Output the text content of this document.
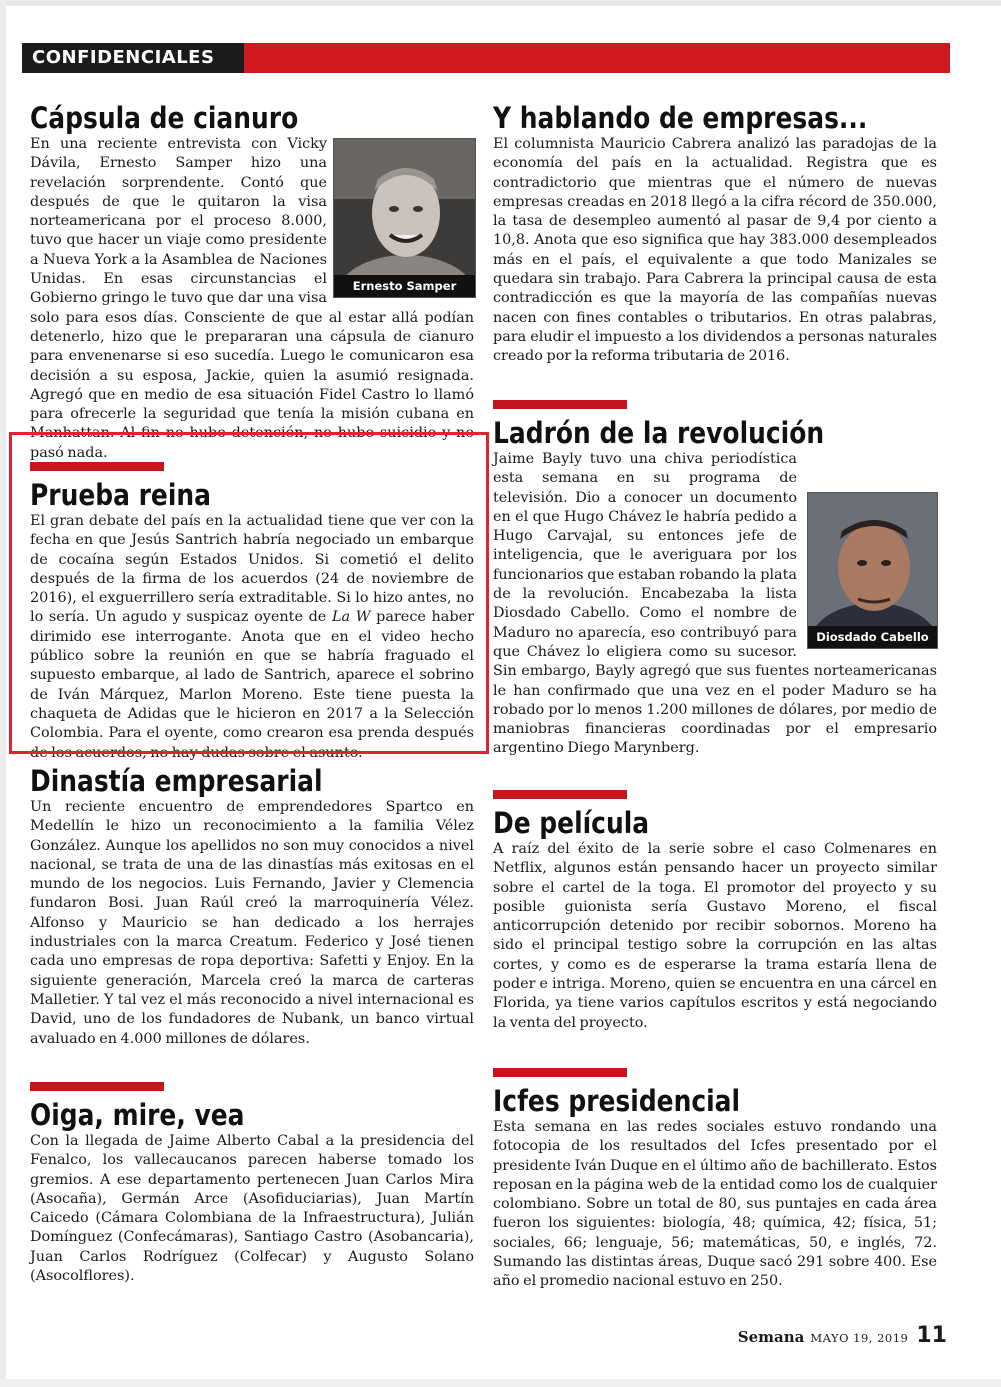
CONFIDENCIALES
Cápsula de cianuro
Ernesto Samper
En una reciente entrevista con Vicky Dávila, Ernesto Samper hizo una revelación sorprendente. Contó que después de que le quitaron la visa norteamericana por el proceso 8.000, tuvo que hacer un viaje como presidente a Nueva York a la Asamblea de Naciones Unidas. En esas circunstancias el Gobierno gringo le tuvo que dar una visa solo para esos días. Consciente de que al estar allá podían detenerlo, hizo que le prepararan una cápsula de cianuro para envenenarse si eso sucedía. Luego le comunicaron esa decisión a su esposa, Jackie, quien la asumió resignada. Agregó que en medio de esa situación Fidel Castro lo llamó para ofrecerle la seguridad que tenía la misión cubana en Manhattan. Al fin no hubo detención, no hubo suicidio y no pasó nada.
Prueba reina

El gran debate del país en la actualidad tiene que ver con la fecha en que Jesús Santrich habría negociado un embarque de cocaína según Estados Unidos. Si cometió el delito después de la firma de los acuerdos (24 de noviembre de 2016), el exguerrillero sería extraditable. Si lo hizo antes, no lo sería. Un agudo y suspicaz oyente de La W parece haber dirimido ese interrogante. Anota que en el video hecho público sobre la reunión en que se habría fraguado el supuesto embarque, al lado de Santrich, aparece el sobrino de Iván Márquez, Marlon Moreno. Este tiene puesta la chaqueta de Adidas que le hicieron en 2017 a la Selección Colombia. Para el oyente, como crearon esa prenda después de los acuerdos, no hay dudas sobre el asunto.

Dinastía empresarial
Un reciente encuentro de emprendedores Spartco en Medellín le hizo un reconocimiento a la familia Vélez González. Aunque los apellidos no son muy conocidos a nivel nacional, se trata de una de las dinastías más exitosas en el mundo de los negocios. Luis Fernando, Javier y Clemencia fundaron Bosi. Juan Raúl creó la marroquinería Vélez. Alfonso y Mauricio se han dedicado a los herrajes industriales con la marca Creatum. Federico y José tienen cada uno empresas de ropa deportiva: Safetti y Enjoy. En la siguiente generación, Marcela creó la marca de carteras Malletier. Y tal vez el más reconocido a nivel internacional es David, uno de los fundadores de Nubank, un banco virtual avaluado en 4.000 millones de dólares.
Oiga, mire, vea
Con la llegada de Jaime Alberto Cabal a la presidencia del Fenalco, los vallecaucanos parecen haberse tomado los gremios. A ese departamento pertenecen Juan Carlos Mira (Asocaña), Germán Arce (Asofiduciarias), Juan Martín Caicedo (Cámara Colombiana de la Infraestructura), Julián Domínguez (Confecámaras), Santiago Castro (Asobancaria), Juan Carlos Rodríguez (Colfecar) y Augusto Solano (Asocolflores).
Y hablando de empresas...
El columnista Mauricio Cabrera analizó las paradojas de la economía del país en la actualidad. Registra que es contradictorio que mientras que el número de nuevas empresas creadas en 2018 llegó a la cifra récord de 350.000, la tasa de desempleo aumentó al pasar de 9,4 por ciento a 10,8. Anota que eso significa que hay 383.000 desempleados más en el país, el equivalente a que todo Manizales se quedara sin trabajo. Para Cabrera la principal causa de esta contradicción es que la mayoría de las compañías nuevas nacen con fines contables o tributarios. En otras palabras, para eludir el impuesto a los dividendos a personas naturales creado por la reforma tributaria de 2016.
Ladrón de la revolución
Diosdado Cabello
Jaime Bayly tuvo una chiva periodística esta semana en su programa de televisión. Dio a conocer un documento en el que Hugo Chávez le habría pedido a Hugo Carvajal, su entonces jefe de inteligencia, que le averiguara por los funcionarios que estaban robando la plata de la revolución. Encabezaba la lista Diosdado Cabello. Como el nombre de Maduro no aparecía, eso contribuyó para que Chávez lo eligiera como su sucesor. Sin embargo, Bayly agregó que sus fuentes norteamericanas le han confirmado que una vez en el poder Maduro se ha robado por lo menos 1.200 millones de dólares, por medio de maniobras financieras coordinadas por el empresario argentino Diego Marynberg.
De película
A raíz del éxito de la serie sobre el caso Colmenares en Netflix, algunos están pensando hacer un proyecto similar sobre el cartel de la toga. El promotor del proyecto y su posible guionista sería Gustavo Moreno, el fiscal anticorrupción detenido por recibir sobornos. Moreno ha sido el principal testigo sobre la corrupción en las altas cortes, y como es de esperarse la trama estaría llena de poder e intriga. Moreno, quien se encuentra en una cárcel en Florida, ya tiene varios capítulos escritos y está negociando la venta del proyecto.
Icfes presidencial
Esta semana en las redes sociales estuvo rondando una fotocopia de los resultados del Icfes presentado por el presidente Iván Duque en el último año de bachillerato. Estos reposan en la página web de la entidad como los de cualquier colombiano. Sobre un total de 80, sus puntajes en cada área fueron los siguientes: biología, 48; química, 42; física, 51; sociales, 66; lenguaje, 56; matemáticas, 50, e inglés, 72. Sumando las distintas áreas, Duque sacó 291 sobre 400. Ese año el promedio nacional estuvo en 250.
Semana MAYO 19, 2019 11
